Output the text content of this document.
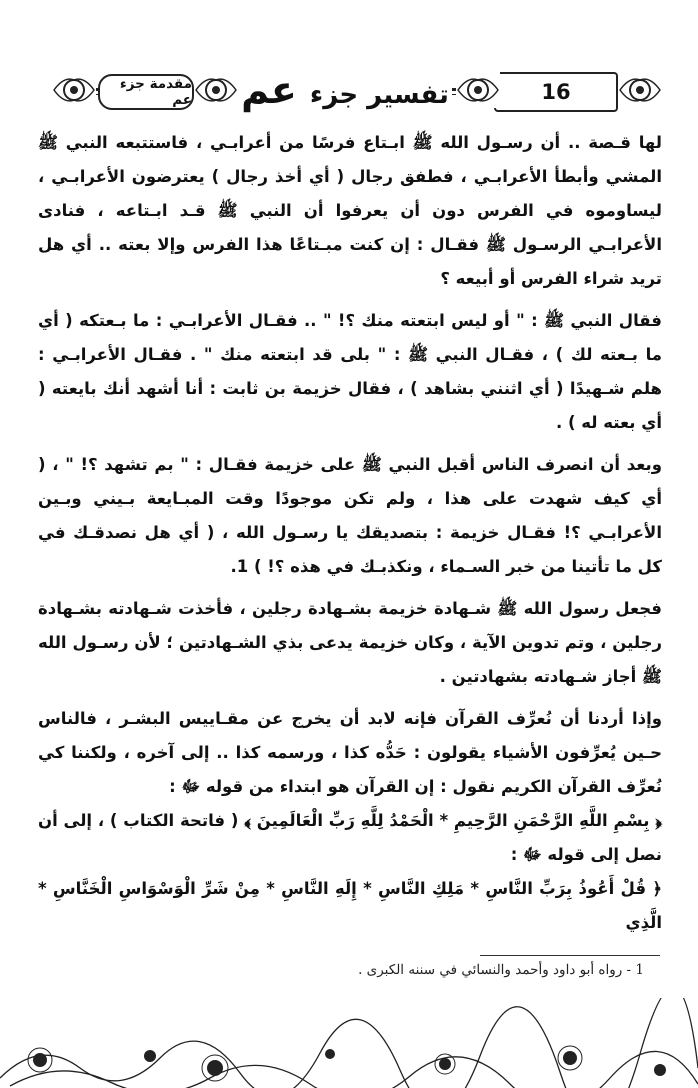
16
تفسير جزء عم
مقدمة جزء عم

لها قـصة .. أن رسـول الله ﷺ ابـتاع فرسًا من أعرابـي ، فاستتبعه النبي ﷺ المشي وأبطأ الأعرابـي ، فطفق رجال ( أي أخذ رجال ) يعترضون الأعرابـي ، ليساوموه في الفرس دون أن يعرفوا أن النبي ﷺ قـد ابـتاعه ، فنادى الأعرابـي الرسـول ﷺ فقـال : إن كنت مبـتاعًا هذا الفرس وإلا بعته .. أي هل تريد شراء الفرس أو أبيعه ؟

فقال النبي ﷺ : " أو ليس ابتعته منك ؟! " .. فقـال الأعرابـي : ما بـعتكه ( أي ما بـعته لك ) ، فقـال النبي ﷺ : " بلى قد ابتعته منك " . فقـال الأعرابـي : هلم شـهيدًا ( أي اثنني بشاهد ) ، فقال خزيمة بن ثابت : أنا أشهد أنك بايعته ( أي بعته له ) .

وبعد أن انصرف الناس أقبل النبي ﷺ على خزيمة فقـال : " بم تشهد ؟! " ، ( أي كيف شهدت على هذا ، ولم تكن موجودًا وقت المبـايعة بـيني وبـين الأعرابـي ؟! فقـال خزيمة : بتصديقك يا رسـول الله ، ( أي هل نصدقـك في كل ما تأتينا من خبر السـماء ، ونكذبـك في هذه ؟! ) 1.

فجعل رسول الله ﷺ شـهادة خزيمة بشـهادة رجلين ، فأخذت شـهادته بشـهادة رجلين ، وتم تدوين الآية ، وكان خزيمة يدعى بذي الشـهادتين ؛ لأن رسـول الله ﷺ أجاز شـهادته بشهادتين .

وإذا أردنا أن نُعرِّف القرآن فإنه لابد أن يخرج عن مقـاييس البشـر ، فالناس حـين يُعرِّفون الأشياء يقولون : حَدُّه كذا ، ورسمه كذا .. إلى آخره ، ولكننا كي نُعرِّف القرآن الكريم نقول : إن القرآن هو ابتداء من قوله ﷻ :

﴿ بِسْمِ اللَّهِ الرَّحْمَنِ الرَّحِيمِ * الْحَمْدُ لِلَّهِ رَبِّ الْعَالَمِينَ ﴾ ( فاتحة الكتاب ) ، إلى أن نصل إلى قوله ﷻ :

﴿ قُلْ أَعُوذُ بِرَبِّ النَّاسِ * مَلِكِ النَّاسِ * إِلَهِ النَّاسِ * مِنْ شَرِّ الْوَسْوَاسِ الْخَنَّاسِ * الَّذِي

1 - رواه أبو داود وأحمد والنسائي في سننه الكبرى .
